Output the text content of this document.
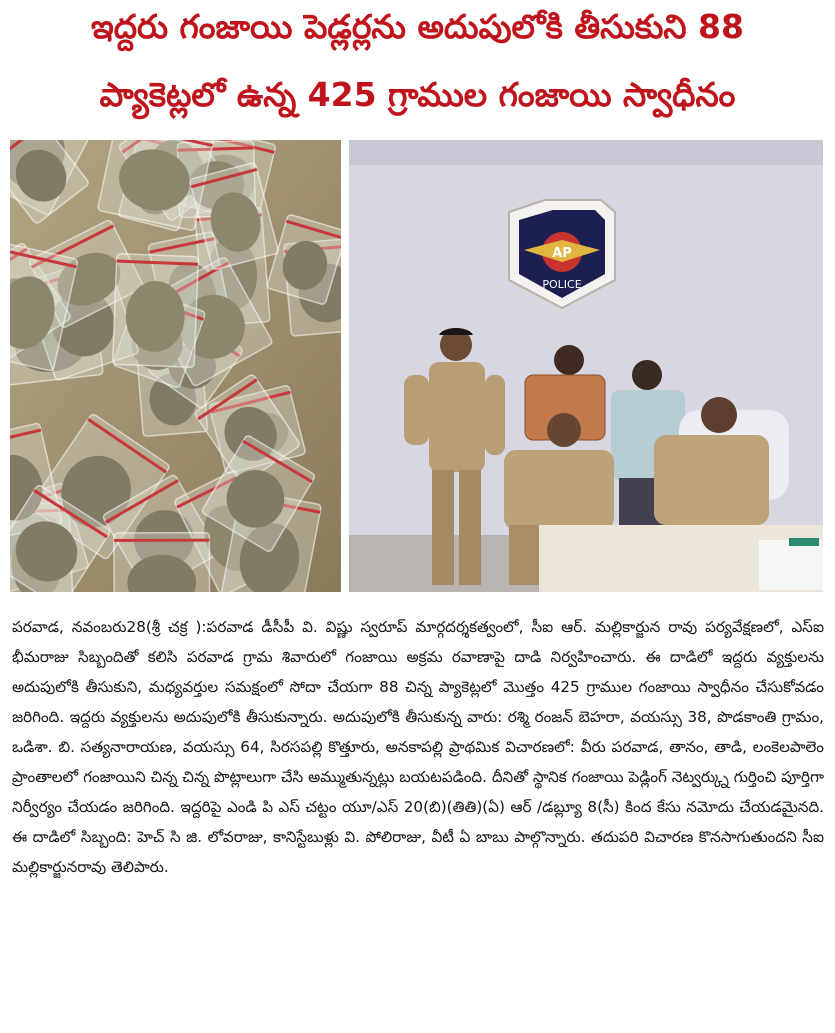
ఇద్దరు గంజాయి పెడ్లర్లను అదుపులోకి తీసుకుని 88
ప్యాకెట్లలో ఉన్న 425 గ్రాముల గంజాయి స్వాధీనం
AP
POLICE

పరవాడ, నవంబరు28(శ్రీ చక్ర ):పరవాడ డీసీపీ వి. విష్ణు స్వరూప్ మార్గదర్శకత్వంలో, సీఐ ఆర్. మల్లికార్జున రావు పర్యవేక్షణలో, ఎస్ఐ భీమరాజు సిబ్బందితో కలిసి పరవాడ గ్రామ శివారులో గంజాయి అక్రమ రవాణాపై దాడి నిర్వహించారు. ఈ దాడిలో ఇద్దరు వ్యక్తులను అదుపులోకి తీసుకుని, మధ్యవర్తుల సమక్షంలో సోదా చేయగా 88 చిన్న ప్యాకెట్లలో మొత్తం 425 గ్రాముల గంజాయి స్వాధీనం చేసుకోవడం జరిగింది. ఇద్దరు వ్యక్తులను అదుపులోకి తీసుకున్నారు. అదుపులోకి తీసుకున్న వారు: రశ్మి రంజన్ బెహరా, వయస్సు 38, పొడకాంతి గ్రామం, ఒడిశా. బి. సత్యనారాయణ, వయస్సు 64, సిరసపల్లి కొత్తూరు, అనకాపల్లి ప్రాథమిక విచారణలో: వీరు పరవాడ, తానం, తాడి, లంకెలపాలెం ప్రాంతాలలో గంజాయిని చిన్న చిన్న పొట్లాలుగా చేసి అమ్ముతున్నట్లు బయటపడింది. దీనితో స్థానిక గంజాయి పెడ్లింగ్ నెట్వర్క్ను గుర్తించి పూర్తిగా నిర్వీర్యం చేయడం జరిగింది. ఇద్దరిపై ఎండి పి ఎస్ చట్టం యూ/ఎస్ 20(బి)(తితి)(ఏ) ఆర్ /డబ్ల్యూ 8(సీ) కింద కేసు నమోదు చేయడమైనది. ఈ దాడిలో సిబ్బంది: హెచ్ సి జి. లోవరాజు, కానిస్టేబుళ్లు వి. పోలిరాజు, వీటీ ఏ బాబు పాల్గొన్నారు. తదుపరి విచారణ కొనసాగుతుందని సీఐ మల్లికార్జునరావు తెలిపారు.
